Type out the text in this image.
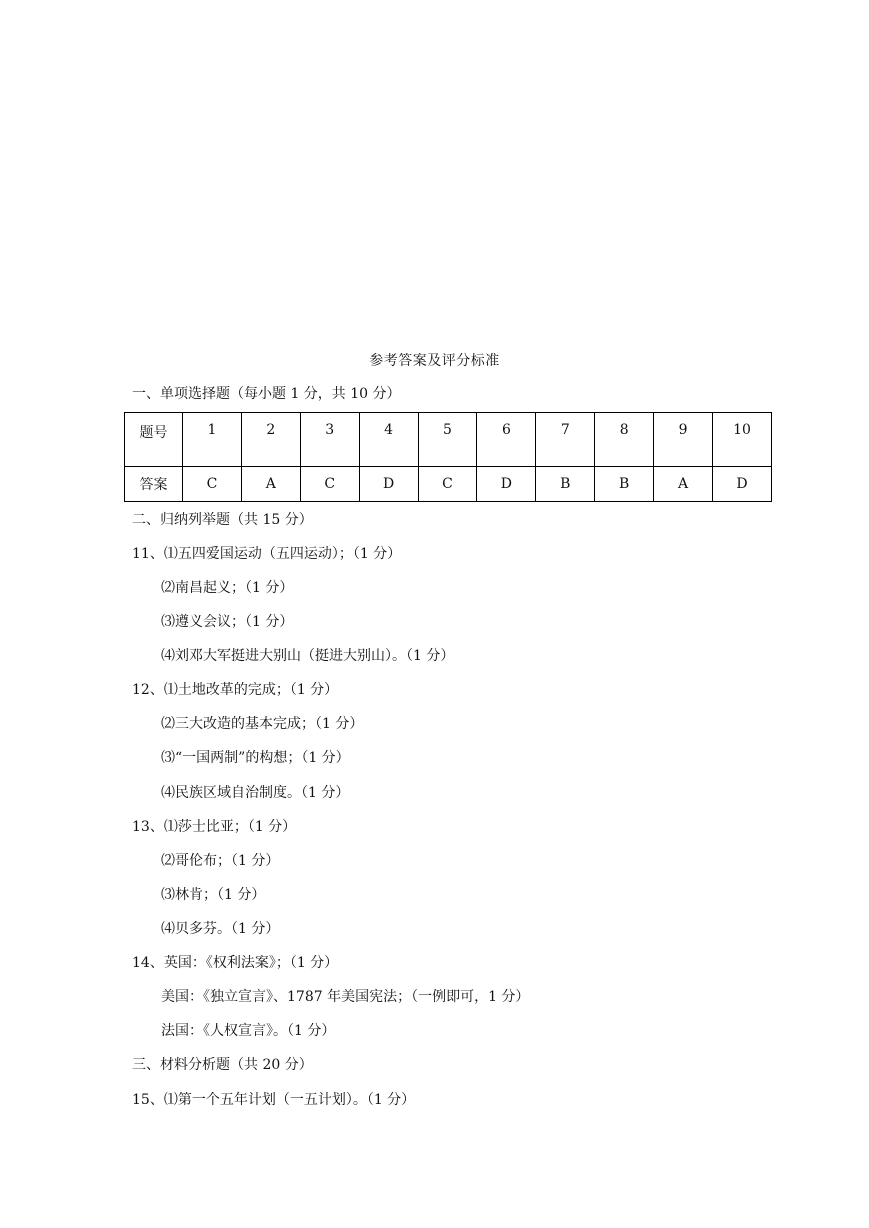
参考答案及评分标准
一、单项选择题（每小题 1 分，共 10 分）
题号	1	2	3	4	5	6	7	8	9	10
答案	C	A	C	D	C	D	B	B	A	D
二、归纳列举题（共 15 分）
11、⑴五四爱国运动（五四运动）；（1 分）
⑵南昌起义；（1 分）
⑶遵义会议；（1 分）
⑷刘邓大军挺进大别山（挺进大别山）。（1 分）
12、⑴土地改革的完成；（1 分）
⑵三大改造的基本完成；（1 分）
⑶“一国两制”的构想；（1 分）
⑷民族区域自治制度。（1 分）
13、⑴莎士比亚；（1 分）
⑵哥伦布；（1 分）
⑶林肯；（1 分）
⑷贝多芬。（1 分）
14、英国：《权利法案》；（1 分）
美国：《独立宣言》、1787 年美国宪法；（一例即可，1 分）
法国：《人权宣言》。（1 分）
三、材料分析题（共 20 分）
15、⑴第一个五年计划（一五计划）。（1 分）
